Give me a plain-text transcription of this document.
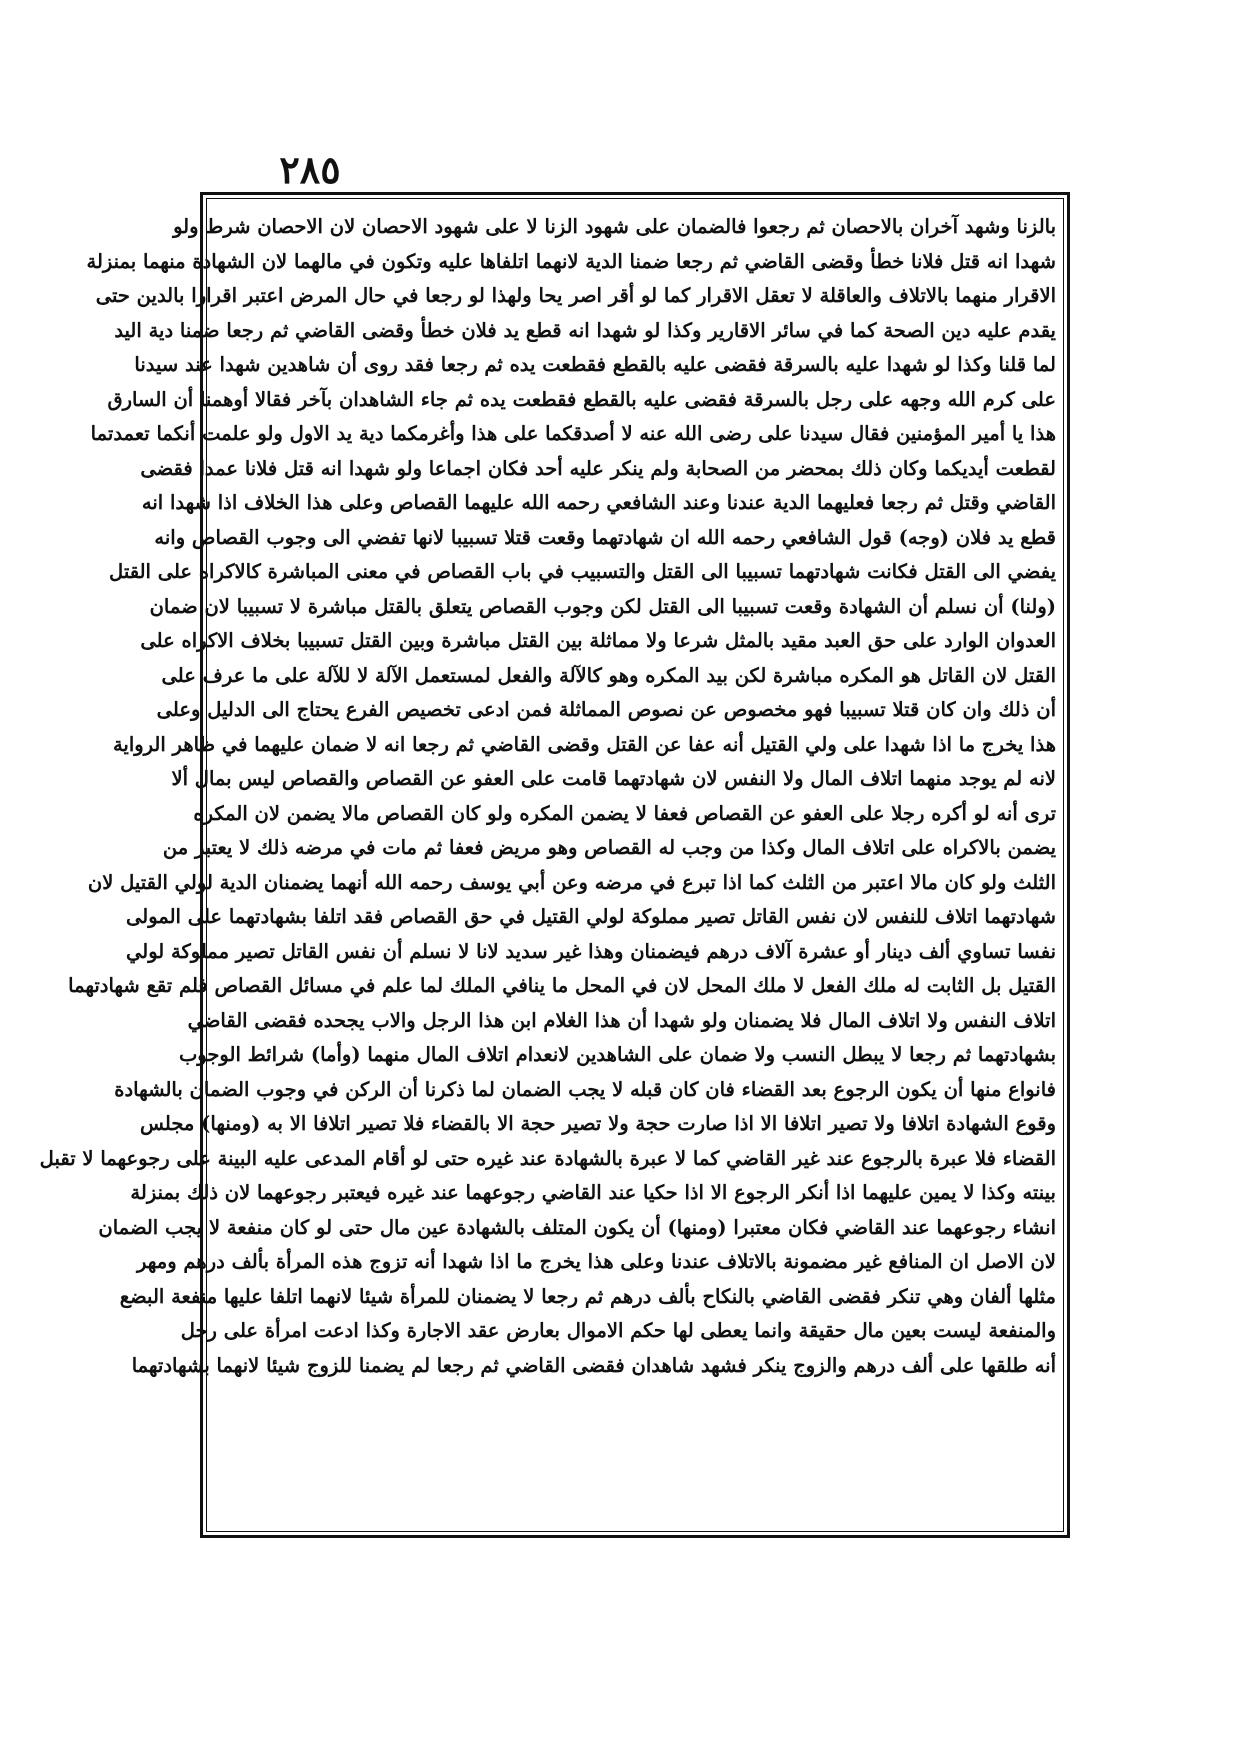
٢٨٥
بالزنا وشهد آخران بالاحصان ثم رجعوا فالضمان على شهود الزنا لا على شهود الاحصان لان الاحصان شرط ولو
شهدا انه قتل فلانا خطأ وقضى القاضي ثم رجعا ضمنا الدية لانهما اتلفاها عليه وتكون في مالهما لان الشهادة منهما بمنزلة
الاقرار منهما بالاتلاف والعاقلة لا تعقل الاقرار كما لو أقر اصر يحا ولهذا لو رجعا في حال المرض اعتبر اقرارا بالدين حتى
يقدم عليه دين الصحة كما في سائر الاقارير وكذا لو شهدا انه قطع يد فلان خطأ وقضى القاضي ثم رجعا ضمنا دية اليد
لما قلنا وكذا لو شهدا عليه بالسرقة فقضى عليه بالقطع فقطعت يده ثم رجعا فقد روى أن شاهدين شهدا عند سيدنا
على كرم الله وجهه على رجل بالسرقة فقضى عليه بالقطع فقطعت يده ثم جاء الشاهدان بآخر فقالا أوهمنا أن السارق
هذا يا أمير المؤمنين فقال سيدنا على رضى الله عنه لا أصدقكما على هذا وأغرمكما دية يد الاول ولو علمت أنكما تعمدتما
لقطعت أيديكما وكان ذلك بمحضر من الصحابة ولم ينكر عليه أحد فكان اجماعا ولو شهدا انه قتل فلانا عمدا فقضى
القاضي وقتل ثم رجعا فعليهما الدية عندنا وعند الشافعي رحمه الله عليهما القصاص وعلى هذا الخلاف اذا شهدا انه
قطع يد فلان (وجه) قول الشافعي رحمه الله ان شهادتهما وقعت قتلا تسبيبا لانها تفضي الى وجوب القصاص وانه
يفضي الى القتل فكانت شهادتهما تسبيبا الى القتل والتسبيب في باب القصاص في معنى المباشرة كالاكراه على القتل
(ولنا) أن نسلم أن الشهادة وقعت تسبيبا الى القتل لكن وجوب القصاص يتعلق بالقتل مباشرة لا تسبيبا لان ضمان
العدوان الوارد على حق العبد مقيد بالمثل شرعا ولا مماثلة بين القتل مباشرة وبين القتل تسبيبا بخلاف الاكراه على
القتل لان القاتل هو المكره مباشرة لكن بيد المكره وهو كالآلة والفعل لمستعمل الآلة لا للآلة على ما عرف على
أن ذلك وان كان قتلا تسبيبا فهو مخصوص عن نصوص المماثلة فمن ادعى تخصيص الفرع يحتاج الى الدليل وعلى
هذا يخرج ما اذا شهدا على ولي القتيل أنه عفا عن القتل وقضى القاضي ثم رجعا انه لا ضمان عليهما في ظاهر الرواية
لانه لم يوجد منهما اتلاف المال ولا النفس لان شهادتهما قامت على العفو عن القصاص والقصاص ليس بمال ألا
ترى أنه لو أكره رجلا على العفو عن القصاص فعفا لا يضمن المكره ولو كان القصاص مالا يضمن لان المكره
يضمن بالاكراه على اتلاف المال وكذا من وجب له القصاص وهو مريض فعفا ثم مات في مرضه ذلك لا يعتبر من
الثلث ولو كان مالا اعتبر من الثلث كما اذا تبرع في مرضه وعن أبي يوسف رحمه الله أنهما يضمنان الدية لولي القتيل لان
شهادتهما اتلاف للنفس لان نفس القاتل تصير مملوكة لولي القتيل في حق القصاص فقد اتلفا بشهادتهما على المولى
نفسا تساوي ألف دينار أو عشرة آلاف درهم فيضمنان وهذا غير سديد لانا لا نسلم أن نفس القاتل تصير مملوكة لولي
القتيل بل الثابت له ملك الفعل لا ملك المحل لان في المحل ما ينافي الملك لما علم في مسائل القصاص فلم تقع شهادتهما
اتلاف النفس ولا اتلاف المال فلا يضمنان ولو شهدا أن هذا الغلام ابن هذا الرجل والاب يجحده فقضى القاضي
بشهادتهما ثم رجعا لا يبطل النسب ولا ضمان على الشاهدين لانعدام اتلاف المال منهما (وأما) شرائط الوجوب
فانواع منها أن يكون الرجوع بعد القضاء فان كان قبله لا يجب الضمان لما ذكرنا أن الركن في وجوب الضمان بالشهادة
وقوع الشهادة اتلافا ولا تصير اتلافا الا اذا صارت حجة ولا تصير حجة الا بالقضاء فلا تصير اتلافا الا به (ومنها) مجلس
القضاء فلا عبرة بالرجوع عند غير القاضي كما لا عبرة بالشهادة عند غيره حتى لو أقام المدعى عليه البينة على رجوعهما لا تقبل
بينته وكذا لا يمين عليهما اذا أنكر الرجوع الا اذا حكيا عند القاضي رجوعهما عند غيره فيعتبر رجوعهما لان ذلك بمنزلة
انشاء رجوعهما عند القاضي فكان معتبرا (ومنها) أن يكون المتلف بالشهادة عين مال حتى لو كان منفعة لا يجب الضمان
لان الاصل ان المنافع غير مضمونة بالاتلاف عندنا وعلى هذا يخرج ما اذا شهدا أنه تزوج هذه المرأة بألف درهم ومهر
مثلها ألفان وهي تنكر فقضى القاضي بالنكاح بألف درهم ثم رجعا لا يضمنان للمرأة شيئا لانهما اتلفا عليها منفعة البضع
والمنفعة ليست بعين مال حقيقة وانما يعطى لها حكم الاموال بعارض عقد الاجارة وكذا ادعت امرأة على رجل
أنه طلقها على ألف درهم والزوج ينكر فشهد شاهدان فقضى القاضي ثم رجعا لم يضمنا للزوج شيئا لانهما بشهادتهما
